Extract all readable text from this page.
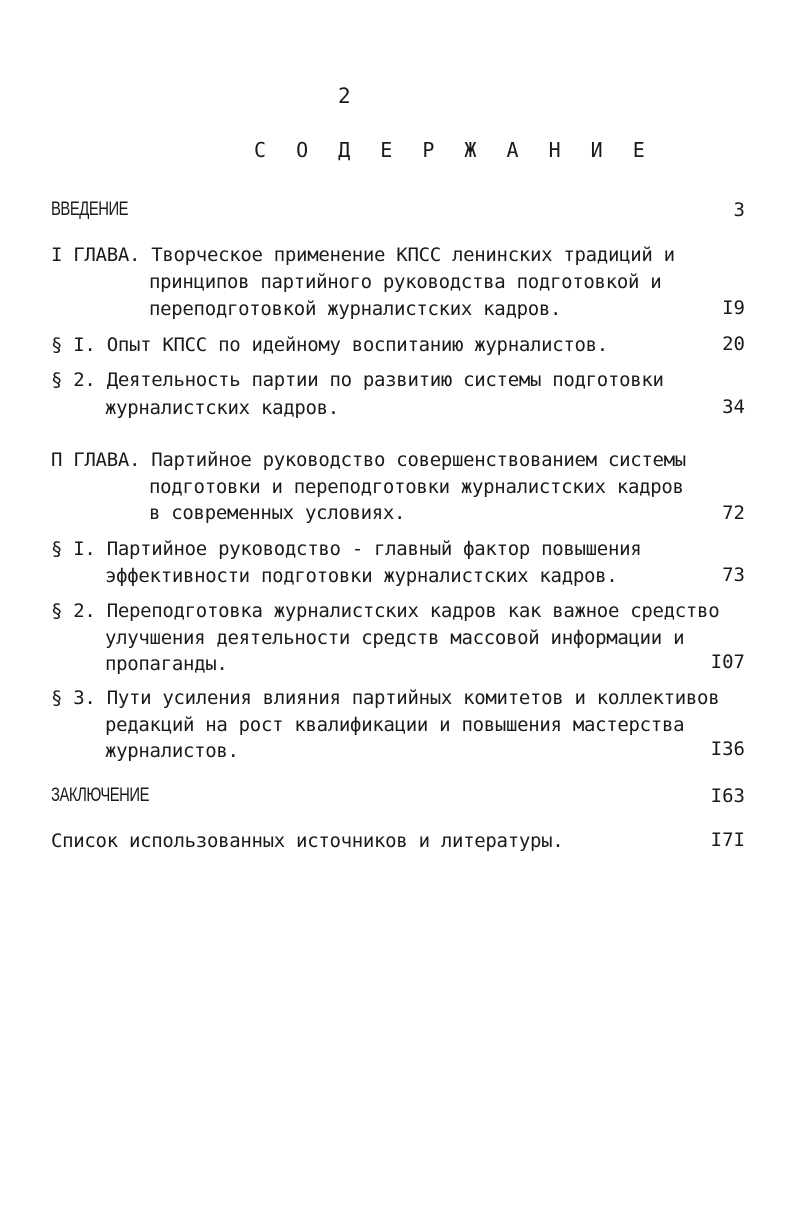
2
С О Д Е Р Ж А Н И Е
ВВЕДЕНИЕ	3
I ГЛАВА. Творческое применение КПСС ленинских традиций и
принципов партийного руководства подготовкой и
переподготовкой журналистских кадров.	I9
§ I. Опыт КПСС по идейному воспитанию журналистов.	20
§ 2. Деятельность партии по развитию системы подготовки
журналистских кадров.	34
П ГЛАВА. Партийное руководство совершенствованием системы
подготовки и переподготовки журналистских кадров
в современных условиях.	72
§ I. Партийное руководство - главный фактор повышения
эффективности подготовки журналистских кадров.	73
§ 2. Переподготовка журналистских кадров как важное средство
улучшения деятельности средств массовой информации и
пропаганды.	I07
§ 3. Пути усиления влияния партийных комитетов и коллективов
редакций на рост квалификации и повышения мастерства
журналистов.	I36
ЗАКЛЮЧЕНИЕ	I63
Список использованных источников и литературы.	I7I
